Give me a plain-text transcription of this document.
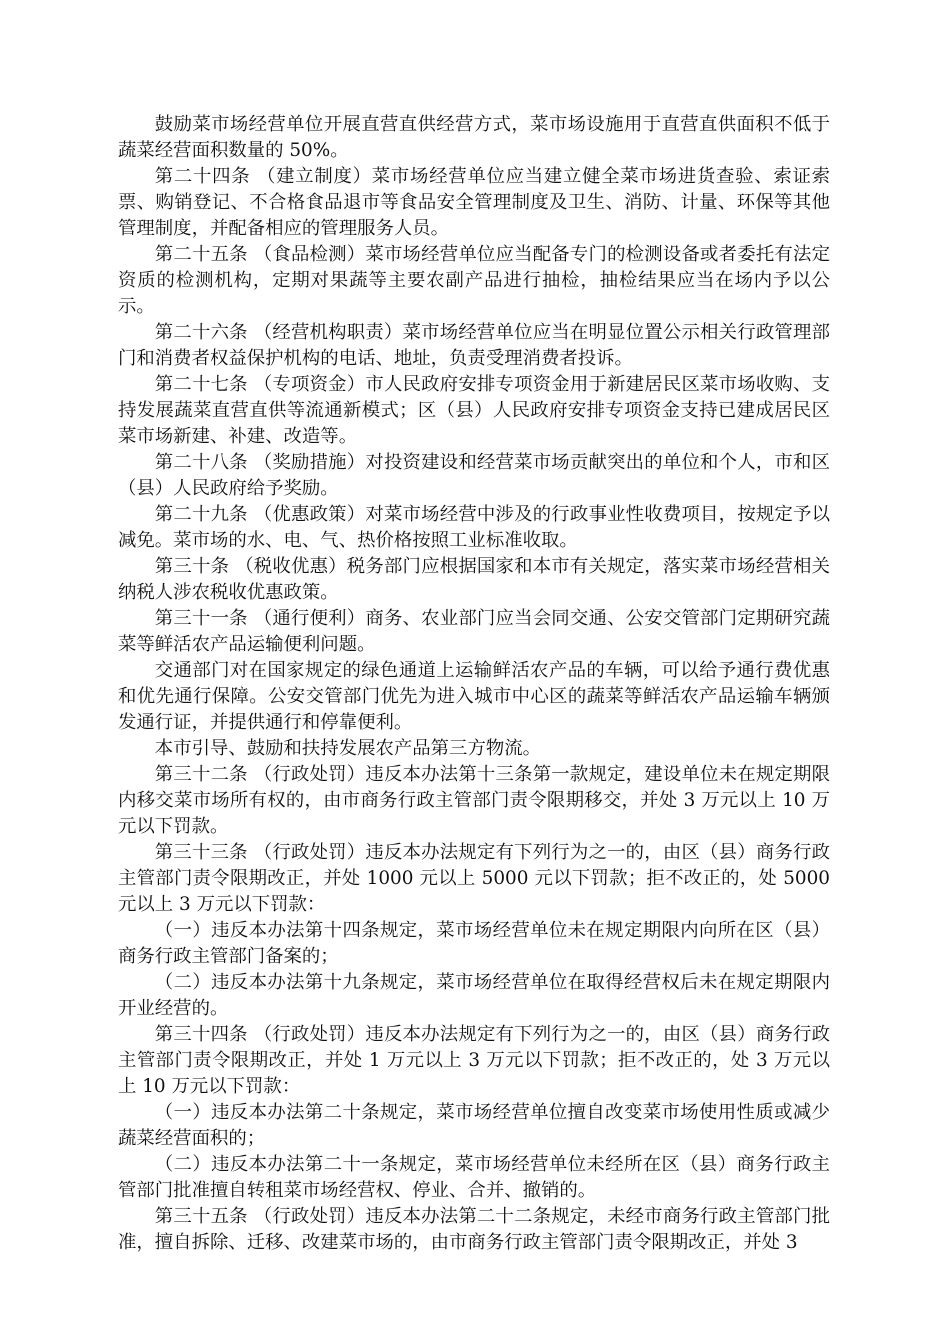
鼓励菜市场经营单位开展直营直供经营方式，菜市场设施用于直营直供面积不低于蔬菜经营面积数量的 50%。

第二十四条 （建立制度）菜市场经营单位应当建立健全菜市场进货查验、索证索票、购销登记、不合格食品退市等食品安全管理制度及卫生、消防、计量、环保等其他管理制度，并配备相应的管理服务人员。

第二十五条 （食品检测）菜市场经营单位应当配备专门的检测设备或者委托有法定资质的检测机构，定期对果蔬等主要农副产品进行抽检，抽检结果应当在场内予以公示。

第二十六条 （经营机构职责）菜市场经营单位应当在明显位置公示相关行政管理部门和消费者权益保护机构的电话、地址，负责受理消费者投诉。

第二十七条 （专项资金）市人民政府安排专项资金用于新建居民区菜市场收购、支持发展蔬菜直营直供等流通新模式；区（县）人民政府安排专项资金支持已建成居民区菜市场新建、补建、改造等。

第二十八条 （奖励措施）对投资建设和经营菜市场贡献突出的单位和个人，市和区（县）人民政府给予奖励。

第二十九条 （优惠政策）对菜市场经营中涉及的行政事业性收费项目，按规定予以减免。菜市场的水、电、气、热价格按照工业标准收取。

第三十条 （税收优惠）税务部门应根据国家和本市有关规定，落实菜市场经营相关纳税人涉农税收优惠政策。

第三十一条 （通行便利）商务、农业部门应当会同交通、公安交管部门定期研究蔬菜等鲜活农产品运输便利问题。

交通部门对在国家规定的绿色通道上运输鲜活农产品的车辆，可以给予通行费优惠和优先通行保障。公安交管部门优先为进入城市中心区的蔬菜等鲜活农产品运输车辆颁发通行证，并提供通行和停靠便利。

本市引导、鼓励和扶持发展农产品第三方物流。

第三十二条 （行政处罚）违反本办法第十三条第一款规定，建设单位未在规定期限内移交菜市场所有权的，由市商务行政主管部门责令限期移交，并处 3 万元以上 10 万元以下罚款。

第三十三条 （行政处罚）违反本办法规定有下列行为之一的，由区（县）商务行政主管部门责令限期改正，并处 1000 元以上 5000 元以下罚款；拒不改正的，处 5000 元以上 3 万元以下罚款：

（一）违反本办法第十四条规定，菜市场经营单位未在规定期限内向所在区（县）商务行政主管部门备案的；

（二）违反本办法第十九条规定，菜市场经营单位在取得经营权后未在规定期限内开业经营的。

第三十四条 （行政处罚）违反本办法规定有下列行为之一的，由区（县）商务行政主管部门责令限期改正，并处 1 万元以上 3 万元以下罚款；拒不改正的，处 3 万元以上 10 万元以下罚款：

（一）违反本办法第二十条规定，菜市场经营单位擅自改变菜市场使用性质或减少蔬菜经营面积的；

（二）违反本办法第二十一条规定，菜市场经营单位未经所在区（县）商务行政主管部门批准擅自转租菜市场经营权、停业、合并、撤销的。

第三十五条 （行政处罚）违反本办法第二十二条规定，未经市商务行政主管部门批准，擅自拆除、迁移、改建菜市场的，由市商务行政主管部门责令限期改正，并处 3
